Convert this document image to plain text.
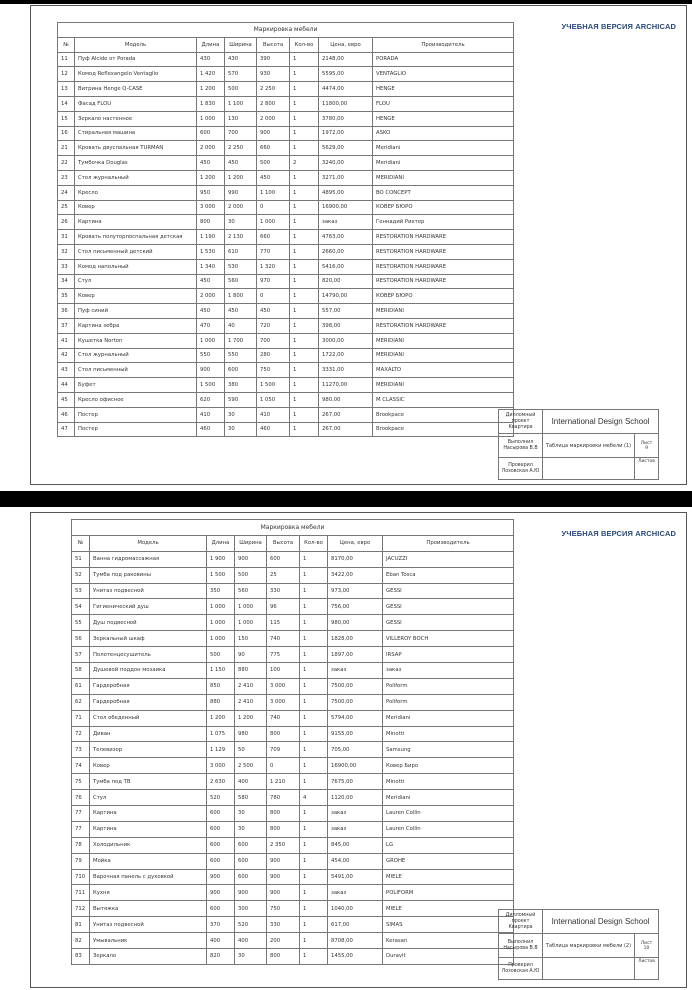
УЧЕБНАЯ ВЕРСИЯ ARCHICAD
Маркировка мебели							
№	Модель	Длина	Ширина	Высота	Кол-во	Цена, евро	Производитель
11	Пуф Alcide от Porada	430	430	390	1	2148,00	PORADA
12	Комод Reflexangelo Ventaglio	1 420	570	930	1	5595,00	VENTAGLIO
13	Витрина Henge Q-CASE	1 200	500	2 250	1	4474,00	HENGE
14	Фасад FLOU	1 830	1 100	2 800	1	11800,00	FLOU
15	Зеркало настенное	1 000	130	2 000	1	3780,00	HENGE
16	Стиральная машина	600	700	900	1	1972,00	ASKO
21	Кровать двуспальная TURMAN	2 000	2 250	660	1	5629,00	Meridiani
22	Тумбочка Douglas	450	450	500	2	3240,00	Meridiani
23	Стол журнальный	1 200	1 200	450	1	3271,00	MERIDIANI
24	Кресло	950	990	1 100	1	4895,00	BO CONCEPT
25	Ковер	3 000	2 000	0	1	16900,00	КОВЕР БЮРО
26	Картина	800	30	1 000	1	заказ	Геннадий Рихтер
31	Кровать полуторпоспальная детская	1 190	2 130	660	1	4763,00	RESTORATION HARDWARE
32	Стол письменный детский	1 530	610	770	1	2660,00	RESTORATION HARDWARE
33	Комод напольный	1 340	530	1 320	1	5416,00	RESTORATION HARDWARE
34	Стул	450	560	970	1	820,00	RESTORATION HARDWARE
35	Ковер	2 000	1 800	0	1	14790,00	КОВЕР БЮРО
36	Пуф синий	450	450	450	1	557,00	MERIDIANI
37	Картина зебра	470	40	720	1	398,00	RESTORATION HARDWARE
41	Кушетка Norton	1 000	1 700	700	1	3000,00	MERIDIANI
42	Стол журнальный	550	550	280	1	1722,00	MERIDIANI
43	Стол письменный	900	600	750	1	3331,00	MAXALTO
44	Буфет	1 500	380	1 500	1	11270,00	MERIDIANI
45	Кресло офисное	620	590	1 050	1	980,00	M CLASSIC
46	Постер	410	30	410	1	267,00	Brookpace
47	Постер	460	30	460	1	267,00	Brookpace
Дипломный проект Квартира	International Design School	
Выполнил Насырова В.В	Таблица маркировки мебели (1)	Лист
9

Проверил Лозовская А.Ю		Листов
УЧЕБНАЯ ВЕРСИЯ ARCHICAD
Маркировка мебели							
№	Модель	Длина	Ширина	Высота	Кол-во	Цена, евро	Производитель
51	Ванна гидромассажная	1 900	900	600	1	8170,00	JACUZZI
52	Тумба под раковины	1 500	500	25	1	3422,00	Eban Tosca
53	Унитаз подвесной	350	560	330	1	973,00	GESSI
54	Гигиенический душ	1 000	1 000	96	1	756,00	GESSI
55	Душ подвесной	1 000	1 000	115	1	980,00	GESSI
56	Зеркальный шкаф	1 000	150	740	1	1828,00	VILLEROY BOCH
57	Полотенцесушитель	500	90	775	1	1897,00	IRSAP
58	Душевой поддон мозаика	1 150	880	100	1	заказ	заказ
61	Гардеробная	850	2 410	3 000	1	7500,00	Poliform
62	Гардеробная	880	2 410	3 000	1	7500,00	Poliform
71	Стол обеденный	1 200	1 200	740	1	5794,00	Meridiani
72	Диван	1 075	980	800	1	9155,00	Minotti
73	Телевизор	1 129	50	709	1	705,00	Samsung
74	Ковер	3 000	2 500	0	1	16900,00	Ковер Биро
75	Тумба под ТВ	2 630	400	1 210	1	7675,00	Minotti
76	Стул	520	580	780	4	1120,00	Meridiani
77	Картина	600	30	800	1	заказ	Lauren Collin
77	Картина	600	30	800	1	заказ	Lauren Collin
78	Холодильник	600	600	2 350	1	845,00	LG
79	Мойка	600	600	900	1	454,00	GROHE
710	Варочная панель с духовкой	900	600	900	1	5491,00	MIELE
711	Кухня	900	900	900	1	заказ	POLIFORM
712	Вытяжка	600	300	750	1	1040,00	MIELE
81	Унитаз подвесной	370	520	330	1	617,00	SIMAS
82	Умывальник	400	400	200	1	8708,00	Kerasan
83	Зеркало	820	30	800	1	1455,00	Duravit
Дипломный проект Квартира	International Design School	
Выполнил Насырова В.В	Таблица маркировки мебели (2)	Лист
10

Проверил Лозовская А.Ю		Листов
